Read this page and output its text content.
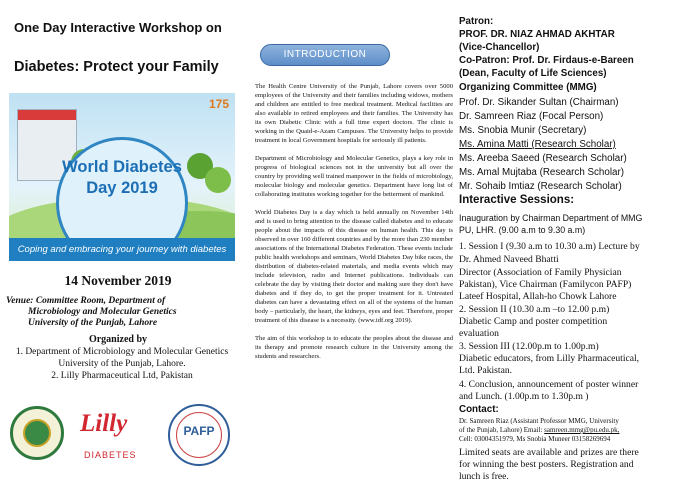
One Day Interactive Workshop on
Diabetes: Protect your Family
175
World Diabetes
Day 2019
Coping and embracing your journey with diabetes
14 November 2019
Venue: Committee Room, Department of
Microbiology and Molecular Genetics
University of the Punjab, Lahore
Organized by
1. Department of Microbiology and Molecular Genetics
University of the Punjab, Lahore.
2. Lilly Pharmaceutical Ltd, Pakistan
Lilly
DIABETES
PAFP
INTRODUCTION

The Health Centre University of the Punjab, Lahore covers over 5000 employees of the University and their families including widows, mothers and children are entitled to free medical treatment. Medical facilities are also available to retired employees and their families. The University has its own Diabetic Clinic with a full time expert doctors. The clinic is working in the Quaid-e-Azam Campuses. The University helps to provide treatment in local Government hospitals for seriously ill patients.

Department of Microbiology and Molecular Genetics, plays a key role in progress of biological sciences not in the university but all over the country by providing well trained manpower in the fields of microbiology, molecular biology and molecular genetics. Department have long list of collaborating institutes working together for the betterment of mankind.

World Diabetes Day is a day which is held annually on November 14th and is used to bring attention to the disease called diabetes and to educate people about the impacts of this disease on human health. This day is observed in over 160 different countries and by the more than 230 member associations of the International Diabetes Federation. These events include public health workshops and seminars, World Diabetes Day bike races, the distribution of diabetes-related materials, and media events which may include television, radio and Internet publications. Individuals can celebrate the day by visiting their doctor and making sure they don't have diabetes and if they do, to get the proper treatment for it. Untreated diabetes can have a devastating effect on all of the systems of the human body – particularly, the heart, the kidneys, eyes and feet. Therefore, proper treatment of this disease is a necessity. (www.idf.org 2019).

The aim of this workshop is to educate the peoples about the disease and its therapy and promote research culture in the University among the students and researchers.

Patron:
PROF. DR. NIAZ AHMAD AKHTAR
(Vice-Chancellor)
Co-Patron: Prof. Dr. Firdaus-e-Bareen
(Dean, Faculty of Life Sciences)
Organizing Committee (MMG)
Prof. Dr. Sikander Sultan (Chairman)
Dr. Samreen Riaz (Focal Person)
Ms. Snobia Munir (Secretary)
Ms. Amina Matti (Research Scholar)
Ms. Areeba Saeed (Research Scholar)
Ms. Amal Mujtaba (Research Scholar)
Mr. Sohaib Imtiaz (Research Scholar)
Interactive Sessions:
Inauguration by Chairman Department of MMG
PU, LHR. (9.00 a.m to 9.30 a.m)
1. Session I (9.30 a.m to 10.30 a.m) Lecture by
Dr. Ahmed Naveed Bhatti
Director (Association of Family Physician
Pakistan), Vice Chairman (Familycon PAFP)
Lateef Hospital, Allah-ho Chowk Lahore
2. Session II (10.30 a.m –to 12.00 p.m)
Diabetic Camp and poster competition
evaluation
3. Session III (12.00p.m to 1.00p.m)
Diabetic educators, from Lilly Pharmaceutical,
Ltd. Pakistan.
4. Conclusion, announcement of poster winner
and Lunch. (1.00p.m to 1.30p.m )
Contact:
Dr. Samreen Riaz (Assistant Professor MMG, University
of the Punjab, Lahore) Email: samreen.mmg@pu.edu.pk,
Cell: 03004351979, Ms Snobia Muneer 03158269694
Limited seats are available and prizes are there
for winning the best posters. Registration and
lunch is free.
